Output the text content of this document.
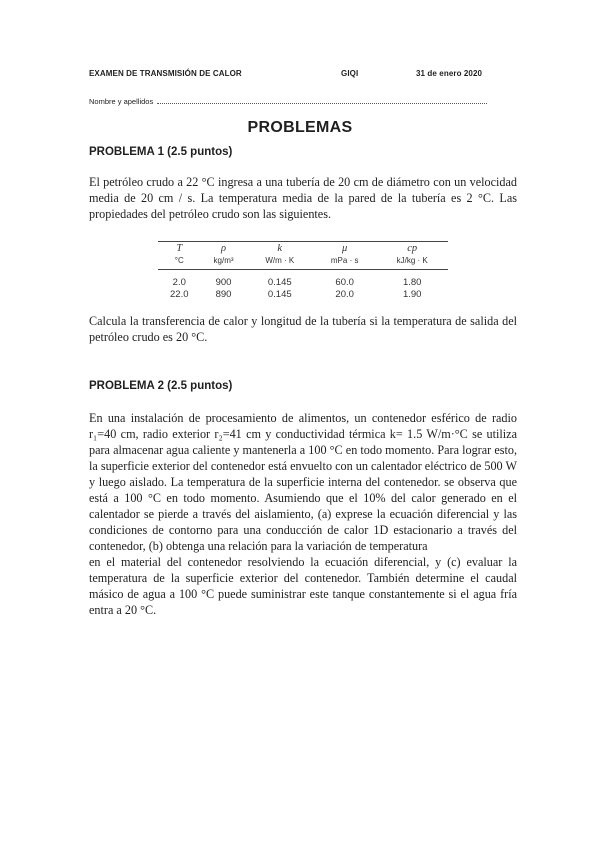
EXAMEN DE TRANSMISIÓN DE CALOR	GIQI	31 de enero 2020
Nombre y apellidos
PROBLEMAS
PROBLEMA 1 (2.5 puntos)

El petróleo crudo a 22 °C ingresa a una tubería de 20 cm de diámetro con un velocidad media de 20 cm / s. La temperatura media de la pared de la tubería es 2 °C. Las propiedades del petróleo crudo son las siguientes.

T	ρ	k	μ	cp
°C	kg/m³	W/m · K	mPa · s	kJ/kg · K
2.0	900	0.145	60.0	1.80
22.0	890	0.145	20.0	1.90

Calcula la transferencia de calor y longitud de la tubería si la temperatura de salida del petróleo crudo es 20 °C.

PROBLEMA 2 (2.5 puntos)

En una instalación de procesamiento de alimentos, un contenedor esférico de radio r₁=40 cm, radio exterior r₂=41 cm y conductividad térmica k= 1.5 W/m·°C se utiliza para almacenar agua caliente y mantenerla a 100 °C en todo momento. Para lograr esto, la superficie exterior del contenedor está envuelto con un calentador eléctrico de 500 W y luego aislado. La temperatura de la superficie interna del contenedor. se observa que está a 100 °C en todo momento. Asumiendo que el 10% del calor generado en el calentador se pierde a través del aislamiento, (a) exprese la ecuación diferencial y las condiciones de contorno para una conducción de calor 1D estacionario a través del contenedor, (b) obtenga una relación para la variación de temperatura

en el material del contenedor resolviendo la ecuación diferencial, y (c) evaluar la temperatura de la superficie exterior del contenedor. También determine el caudal másico de agua a 100 °C puede suministrar este tanque constantemente si el agua fría entra a 20 °C.
